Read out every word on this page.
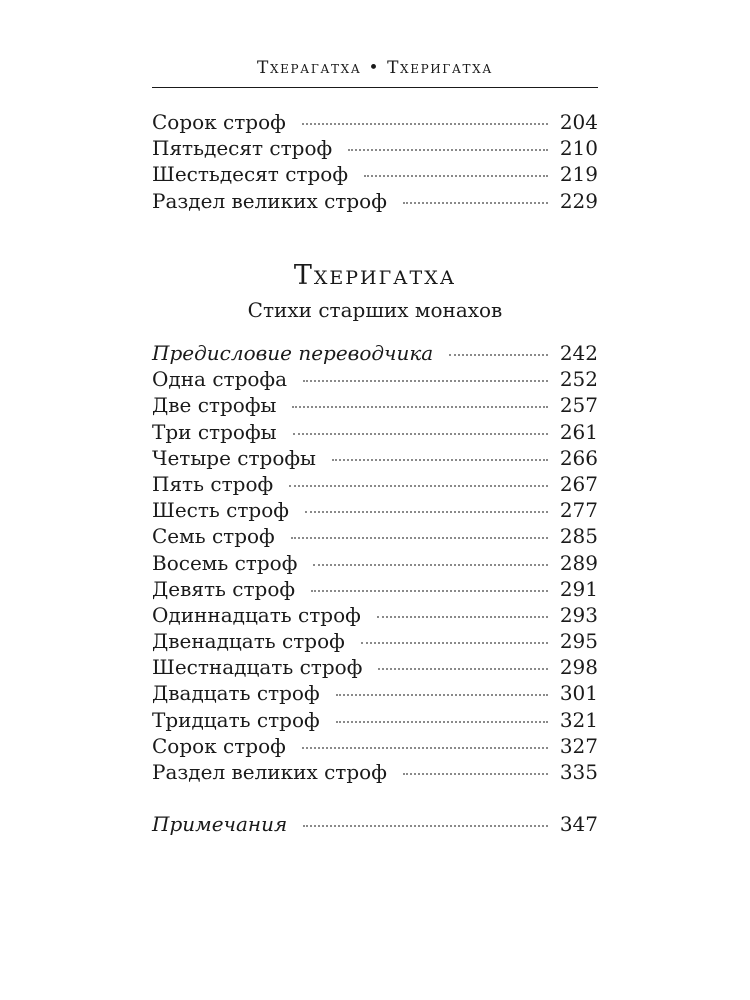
Тхерагатха • Тхеригатха
Сорок строф	204
Пятьдесят строф	210
Шестьдесят строф	219
Раздел великих строф	229
Тхеригатха
Стихи старших монахов
Предисловие переводчика	242
Одна строфа	252
Две строфы	257
Три строфы	261
Четыре строфы	266
Пять строф	267
Шесть строф	277
Семь строф	285
Восемь строф	289
Девять строф	291
Одиннадцать строф	293
Двенадцать строф	295
Шестнадцать строф	298
Двадцать строф	301
Тридцать строф	321
Сорок строф	327
Раздел великих строф	335
Примечания	347
